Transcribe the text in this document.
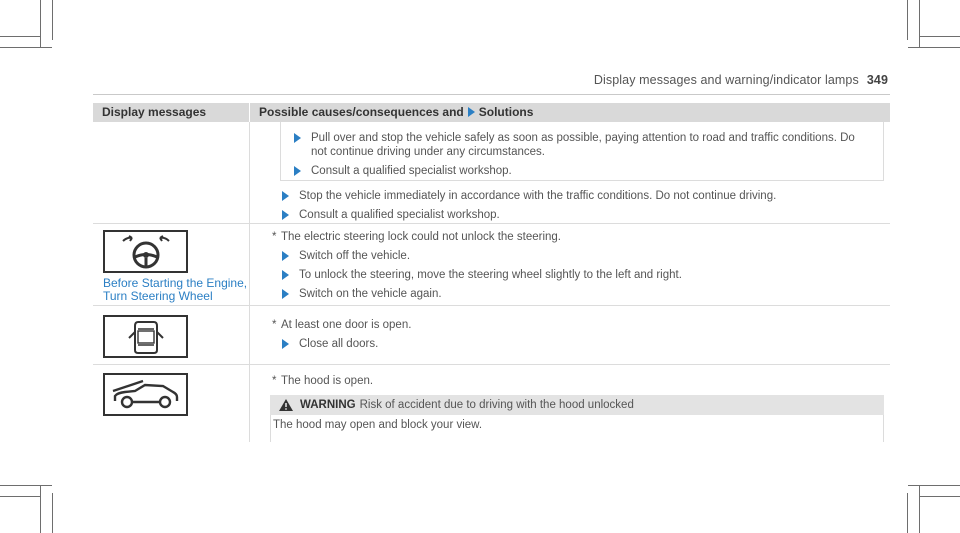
Display messages and warning/indicator lamps 349
Display messages	Possible causes/consequences and Solutions
Pull over and stop the vehicle safely as soon as possible, paying attention to road and traffic conditions. Do not continue driving under any circumstances.
Consult a qualified specialist workshop.
Stop the vehicle immediately in accordance with the traffic conditions. Do not continue driving.
Consult a qualified specialist workshop.
Before Starting the Engine,
Turn Steering Wheel
* The electric steering lock could not unlock the steering.
Switch off the vehicle.
To unlock the steering, move the steering wheel slightly to the left and right.
Switch on the vehicle again.
* At least one door is open.
Close all doors.
* The hood is open.
WARNING Risk of accident due to driving with the hood unlocked
The hood may open and block your view.
